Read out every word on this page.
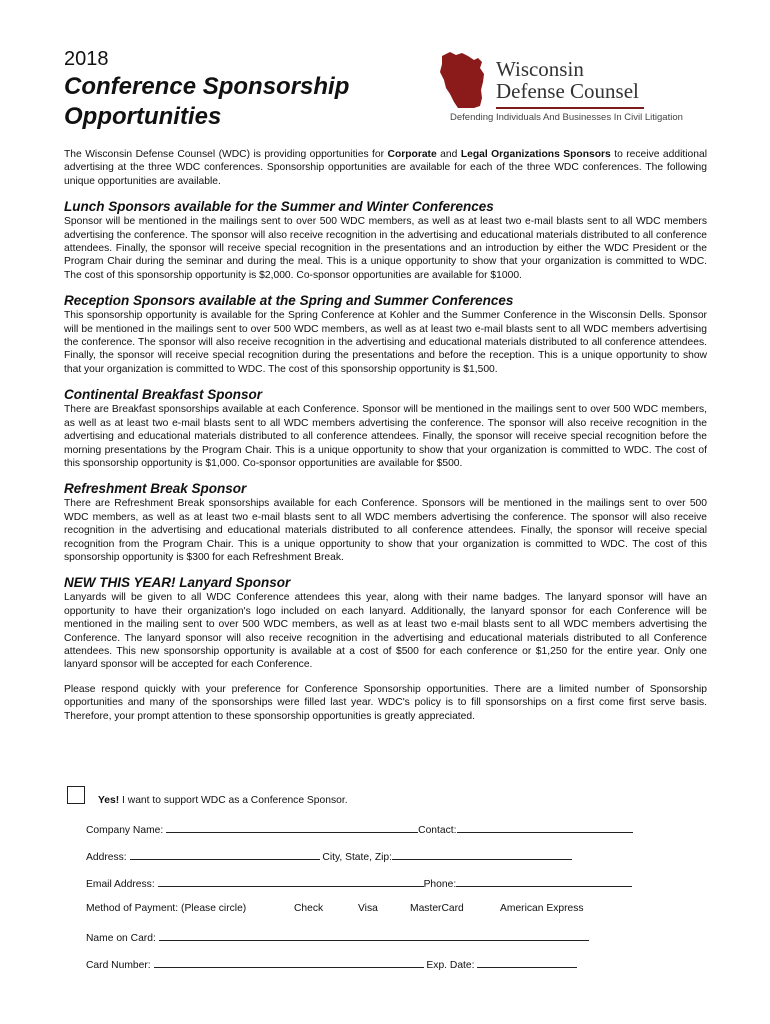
2018
Conference Sponsorship
Opportunities
Wisconsin
Defense Counsel
Defending Individuals And Businesses In Civil Litigation

The Wisconsin Defense Counsel (WDC) is providing opportunities for Corporate and Legal Organizations Sponsors to receive additional advertising at the three WDC conferences. Sponsorship opportunities are available for each of the three WDC conferences. The following unique opportunities are available.

Lunch Sponsors available for the Summer and Winter Conferences

Sponsor will be mentioned in the mailings sent to over 500 WDC members, as well as at least two e-mail blasts sent to all WDC members advertising the conference. The sponsor will also receive recognition in the advertising and educational materials distributed to all conference attendees. Finally, the sponsor will receive special recognition in the presentations and an introduction by either the WDC President or the Program Chair during the seminar and during the meal. This is a unique opportunity to show that your organization is committed to WDC. The cost of this sponsorship opportunity is $2,000. Co-sponsor opportunities are available for $1000.

Reception Sponsors available at the Spring and Summer Conferences

This sponsorship opportunity is available for the Spring Conference at Kohler and the Summer Conference in the Wisconsin Dells. Sponsor will be mentioned in the mailings sent to over 500 WDC members, as well as at least two e-mail blasts sent to all WDC members advertising the conference. The sponsor will also receive recognition in the advertising and educational materials distributed to all conference attendees. Finally, the sponsor will receive special recognition during the presentations and before the reception. This is a unique opportunity to show that your organization is committed to WDC. The cost of this sponsorship opportunity is $1,500.

Continental Breakfast Sponsor

There are Breakfast sponsorships available at each Conference. Sponsor will be mentioned in the mailings sent to over 500 WDC members, as well as at least two e-mail blasts sent to all WDC members advertising the conference. The sponsor will also receive recognition in the advertising and educational materials distributed to all conference attendees. Finally, the sponsor will receive special recognition before the morning presentations by the Program Chair. This is a unique opportunity to show that your organization is committed to WDC. The cost of this sponsorship opportunity is $1,000. Co-sponsor opportunities are available for $500.

Refreshment Break Sponsor

There are Refreshment Break sponsorships available for each Conference. Sponsors will be mentioned in the mailings sent to over 500 WDC members, as well as at least two e-mail blasts sent to all WDC members advertising the conference. The sponsor will also receive recognition in the advertising and educational materials distributed to all conference attendees. Finally, the sponsor will receive special recognition from the Program Chair. This is a unique opportunity to show that your organization is committed to WDC. The cost of this sponsorship opportunity is $300 for each Refreshment Break.

NEW THIS YEAR! Lanyard Sponsor

Lanyards will be given to all WDC Conference attendees this year, along with their name badges. The lanyard sponsor will have an opportunity to have their organization's logo included on each lanyard. Additionally, the lanyard sponsor for each Conference will be mentioned in the mailing sent to over 500 WDC members, as well as at least two e-mail blasts sent to all WDC members advertising the Conference. The lanyard sponsor will also receive recognition in the advertising and educational materials distributed to all Conference attendees. This new sponsorship opportunity is available at a cost of $500 for each conference or $1,250 for the entire year. Only one lanyard sponsor will be accepted for each Conference.

Please respond quickly with your preference for Conference Sponsorship opportunities. There are a limited number of Sponsorship opportunities and many of the sponsorships were filled last year. WDC's policy is to fill sponsorships on a first come first serve basis. Therefore, your prompt attention to these sponsorship opportunities is greatly appreciated.

Yes! I want to support WDC as a Conference Sponsor.
Company Name:	Contact:
Address:	City, State, Zip:
Email Address:	Phone:
Method of Payment: (Please circle)	Check	Visa	MasterCard	American Express
Name on Card:
Card Number:	Exp. Date:
